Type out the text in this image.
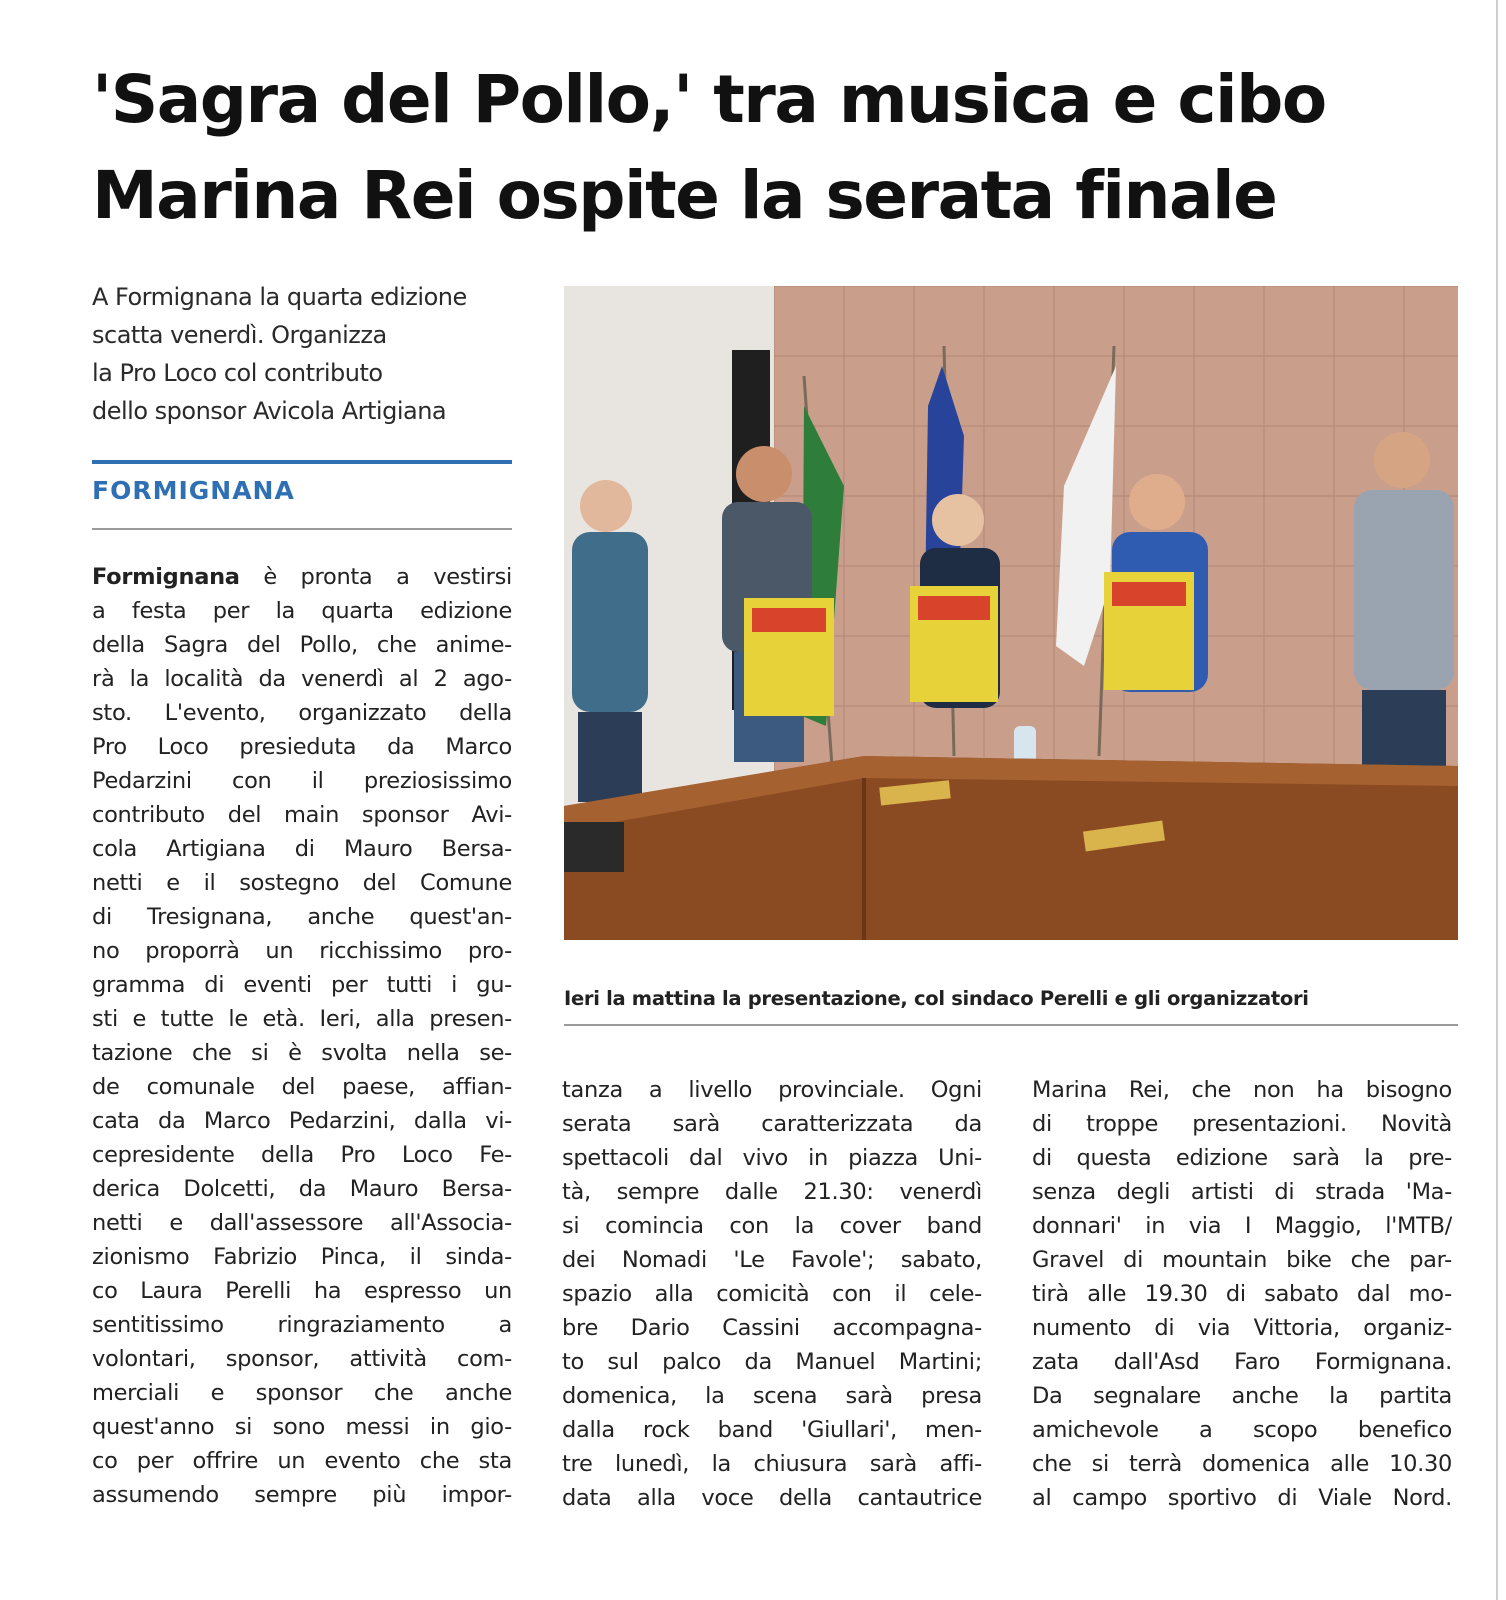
'Sagra del Pollo,' tra musica e cibo
Marina Rei ospite la serata finale
A Formignana la quarta edizione
scatta venerdì. Organizza
la Pro Loco col contributo
dello sponsor Avicola Artigiana
FORMIGNANA
Formignana è pronta a vestirsi
a festa per la quarta edizione
della Sagra del Pollo, che anime-
rà la località da venerdì al 2 ago-
sto. L'evento, organizzato della
Pro Loco presieduta da Marco
Pedarzini con il preziosissimo
contributo del main sponsor Avi-
cola Artigiana di Mauro Bersa-
netti e il sostegno del Comune
di Tresignana, anche quest'an-
no proporrà un ricchissimo pro-
gramma di eventi per tutti i gu-
sti e tutte le età. Ieri, alla presen-
tazione che si è svolta nella se-
de comunale del paese, affian-
cata da Marco Pedarzini, dalla vi-
cepresidente della Pro Loco Fe-
derica Dolcetti, da Mauro Bersa-
netti e dall'assessore all'Associa-
zionismo Fabrizio Pinca, il sinda-
co Laura Perelli ha espresso un
sentitissimo ringraziamento a
volontari, sponsor, attività com-
merciali e sponsor che anche
quest'anno si sono messi in gio-
co per offrire un evento che sta
assumendo sempre più impor-
tanza a livello provinciale. Ogni
serata sarà caratterizzata da
spettacoli dal vivo in piazza Uni-
tà, sempre dalle 21.30: venerdì
si comincia con la cover band
dei Nomadi 'Le Favole'; sabato,
spazio alla comicità con il cele-
bre Dario Cassini accompagna-
to sul palco da Manuel Martini;
domenica, la scena sarà presa
dalla rock band 'Giullari', men-
tre lunedì, la chiusura sarà affi-
data alla voce della cantautrice
Marina Rei, che non ha bisogno
di troppe presentazioni. Novità
di questa edizione sarà la pre-
senza degli artisti di strada 'Ma-
donnari' in via I Maggio, l'MTB/
Gravel di mountain bike che par-
tirà alle 19.30 di sabato dal mo-
numento di via Vittoria, organiz-
zata dall'Asd Faro Formignana.
Da segnalare anche la partita
amichevole a scopo benefico
che si terrà domenica alle 10.30
al campo sportivo di Viale Nord.
Ieri la mattina la presentazione, col sindaco Perelli e gli organizzatori
